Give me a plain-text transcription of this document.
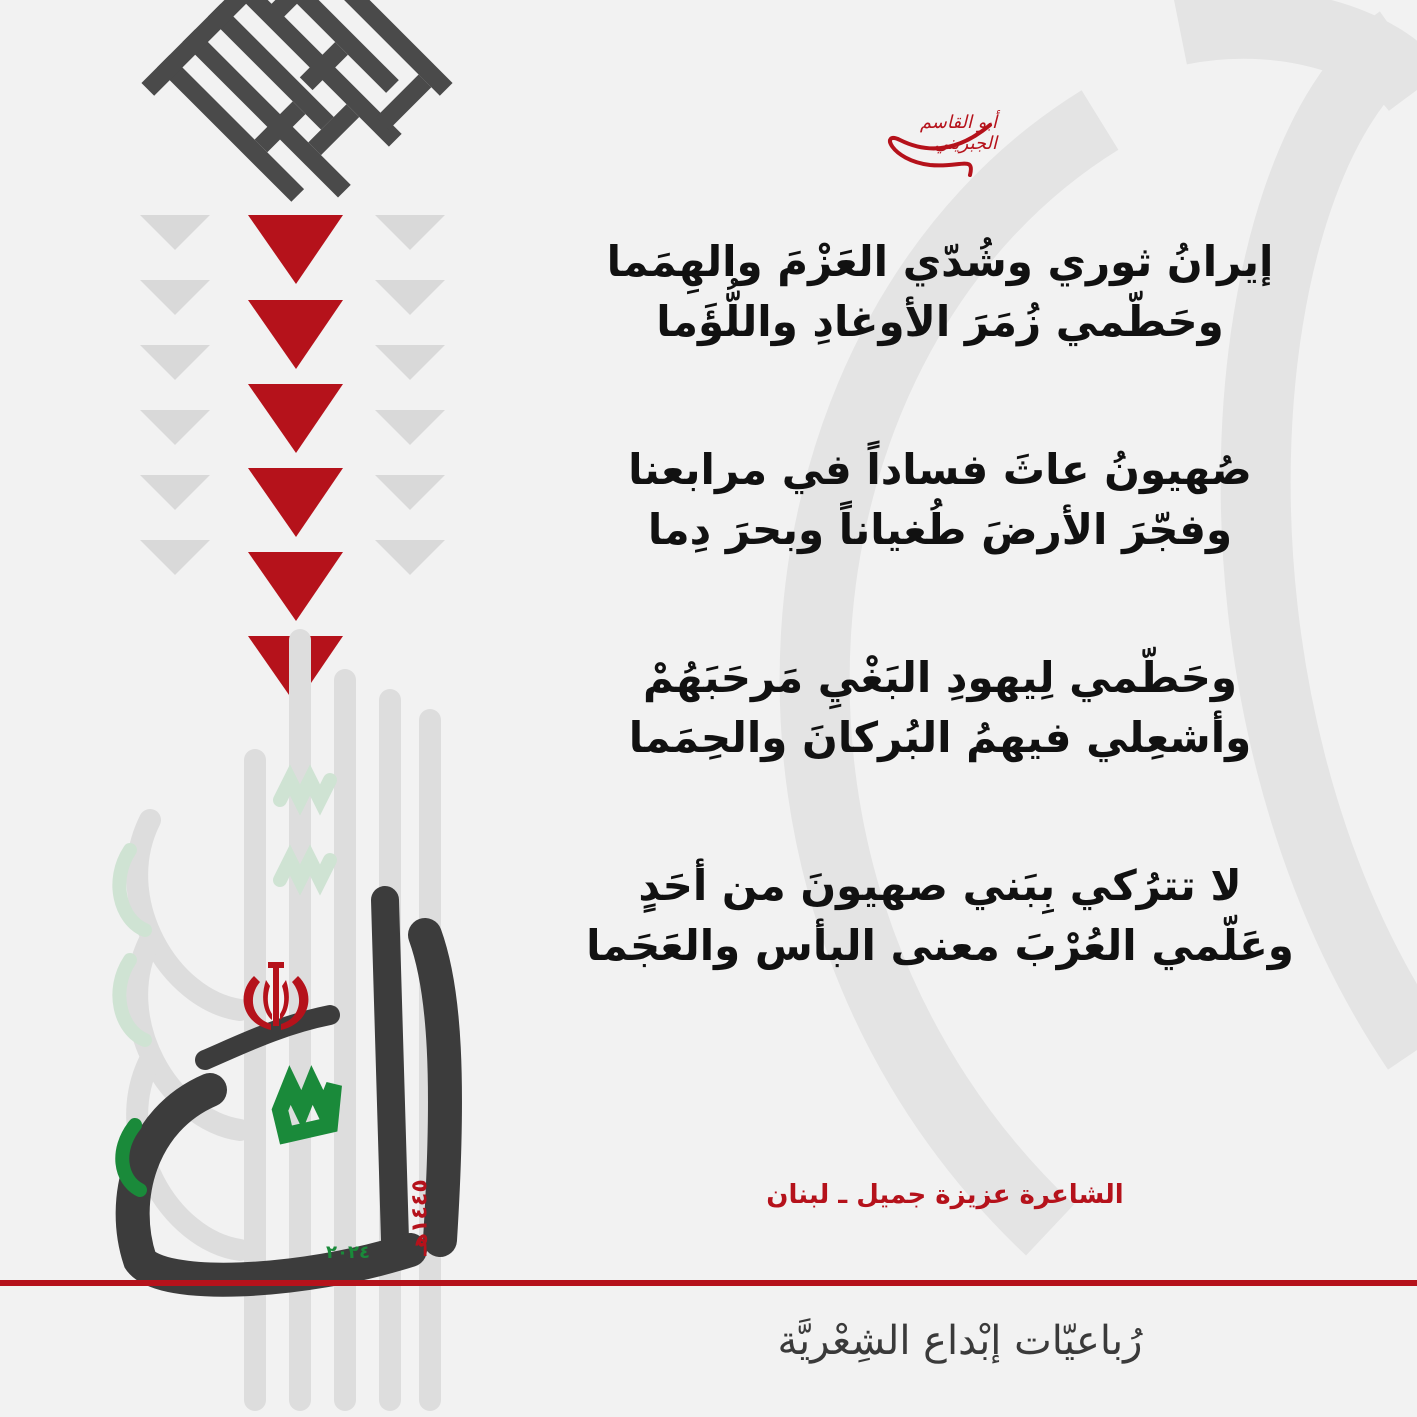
أبو القاسم الجبريني
إيرانُ ثوري وشُدّي العَزْمَ والهِمَما
وحَطّمي زُمَرَ الأوغادِ واللُّؤَما
صُهيونُ عاثَ فساداً في مرابعنا
وفجّرَ الأرضَ طُغياناً وبحرَ دِما
وحَطّمي لِيهودِ البَغْيِ مَرحَبَهُمْ
وأشعِلي فيهمُ البُركانَ والحِمَما
لا تترُكي بِبَني صهيونَ من أحَدٍ
وعَلّمي العُرْبَ معنى البأس والعَجَما
الشاعرة عزيزة جميل ـ لبنان
٢٠٢٤ ١٤٤٥هـ
رُباعيّات إبْداع الشِعْريَّة
